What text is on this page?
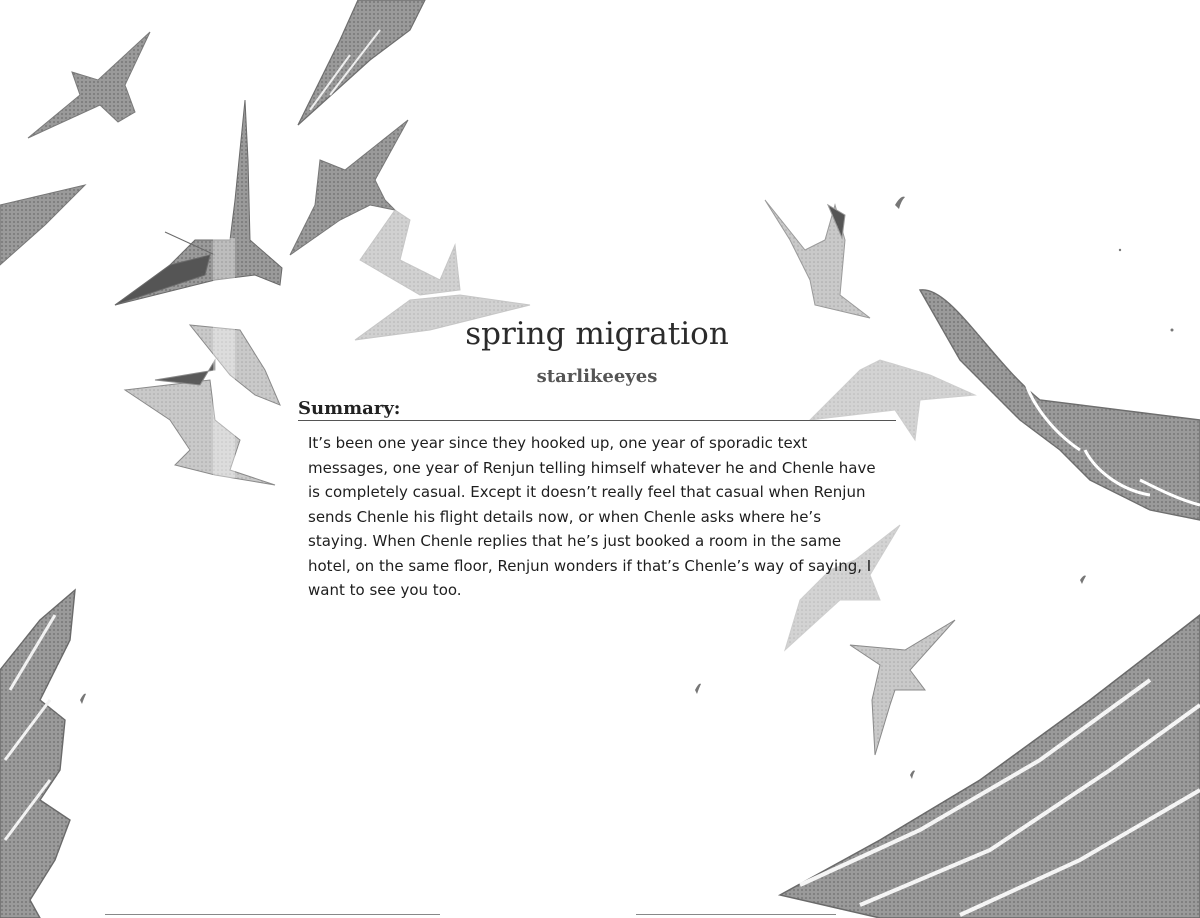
spring migration
starlikeeyes
Summary:

It’s been one year since they hooked up, one year of sporadic text messages, one year of Renjun telling himself whatever he and Chenle have is completely casual. Except it doesn’t really feel that casual when Renjun sends Chenle his flight details now, or when Chenle asks where he’s staying. When Chenle replies that he’s just booked a room in the same hotel, on the same floor, Renjun wonders if that’s Chenle’s way of saying, I want to see you too.
